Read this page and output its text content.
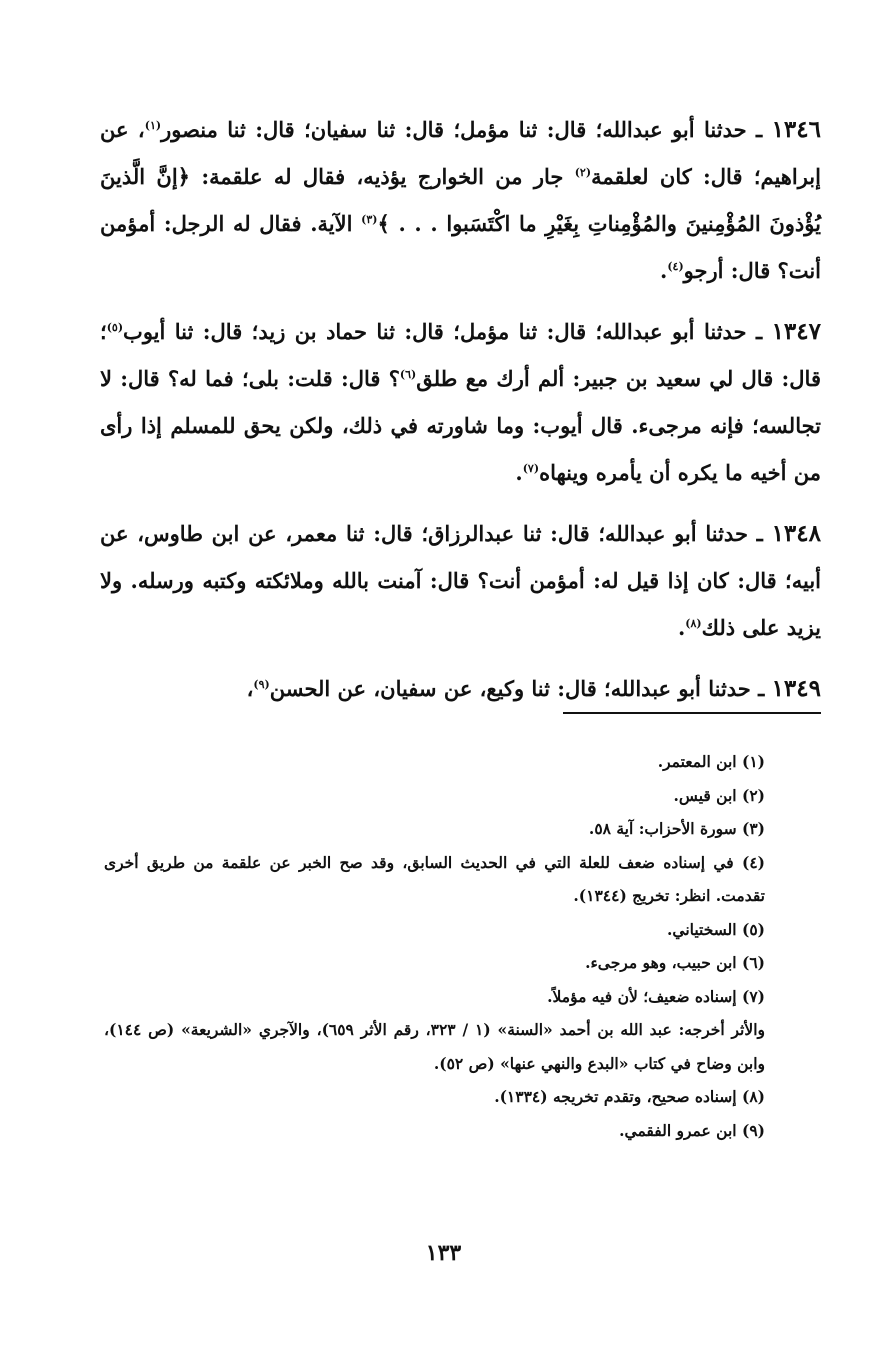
١٣٤٦ ـ حدثنا أبو عبدالله؛ قال: ثنا مؤمل؛ قال: ثنا سفيان؛ قال: ثنا منصور$^{(١)}$، عن إبراهيم؛ قال: كان لعلقمة$^{(٢)}$ جار من الخوارج يؤذيه، فقال له علقمة: ﴿إنَّ الَّذينَ يُؤْذونَ المُؤْمِنينَ والمُؤْمِناتِ بِغَيْرِ ما اكْتَسَبوا . . . ﴾$^{(٣)}$ الآية. فقال له الرجل: أمؤمن أنت؟ قال: أرجو$^{(٤)}$.

١٣٤٧ ـ حدثنا أبو عبدالله؛ قال: ثنا مؤمل؛ قال: ثنا حماد بن زيد؛ قال: ثنا أيوب$^{(٥)}$؛ قال: قال لي سعيد بن جبير: ألم أرك مع طلق$^{(٦)}$؟ قال: قلت: بلى؛ فما له؟ قال: لا تجالسه؛ فإنه مرجىء. قال أيوب: وما شاورته في ذلك، ولكن يحق للمسلم إذا رأى من أخيه ما يكره أن يأمره وينهاه$^{(٧)}$.

١٣٤٨ ـ حدثنا أبو عبدالله؛ قال: ثنا عبدالرزاق؛ قال: ثنا معمر، عن ابن طاوس، عن أبيه؛ قال: كان إذا قيل له: أمؤمن أنت؟ قال: آمنت بالله وملائكته وكتبه ورسله. ولا يزيد على ذلك$^{(٨)}$.

١٣٤٩ ـ حدثنا أبو عبدالله؛ قال: ثنا وكيع، عن سفيان، عن الحسن$^{(٩)}$،

(١) ابن المعتمر.

(٢) ابن قيس.

(٣) سورة الأحزاب: آية ٥٨.

(٤) في إسناده ضعف للعلة التي في الحديث السابق، وقد صح الخبر عن علقمة من طريق أخرى تقدمت. انظر: تخريج (١٣٤٤).

(٥) السختياني.

(٦) ابن حبيب، وهو مرجىء.

(٧) إسناده ضعيف؛ لأن فيه مؤملاً.

والأثر أخرجه: عبد الله بن أحمد «السنة» (١ / ٣٢٣، رقم الأثر ٦٥٩)، والآجري «الشريعة» (ص ١٤٤)، وابن وضاح في كتاب «البدع والنهي عنها» (ص ٥٢).

(٨) إسناده صحيح، وتقدم تخريجه (١٣٣٤).

(٩) ابن عمرو الفقمي.

١٣٣
